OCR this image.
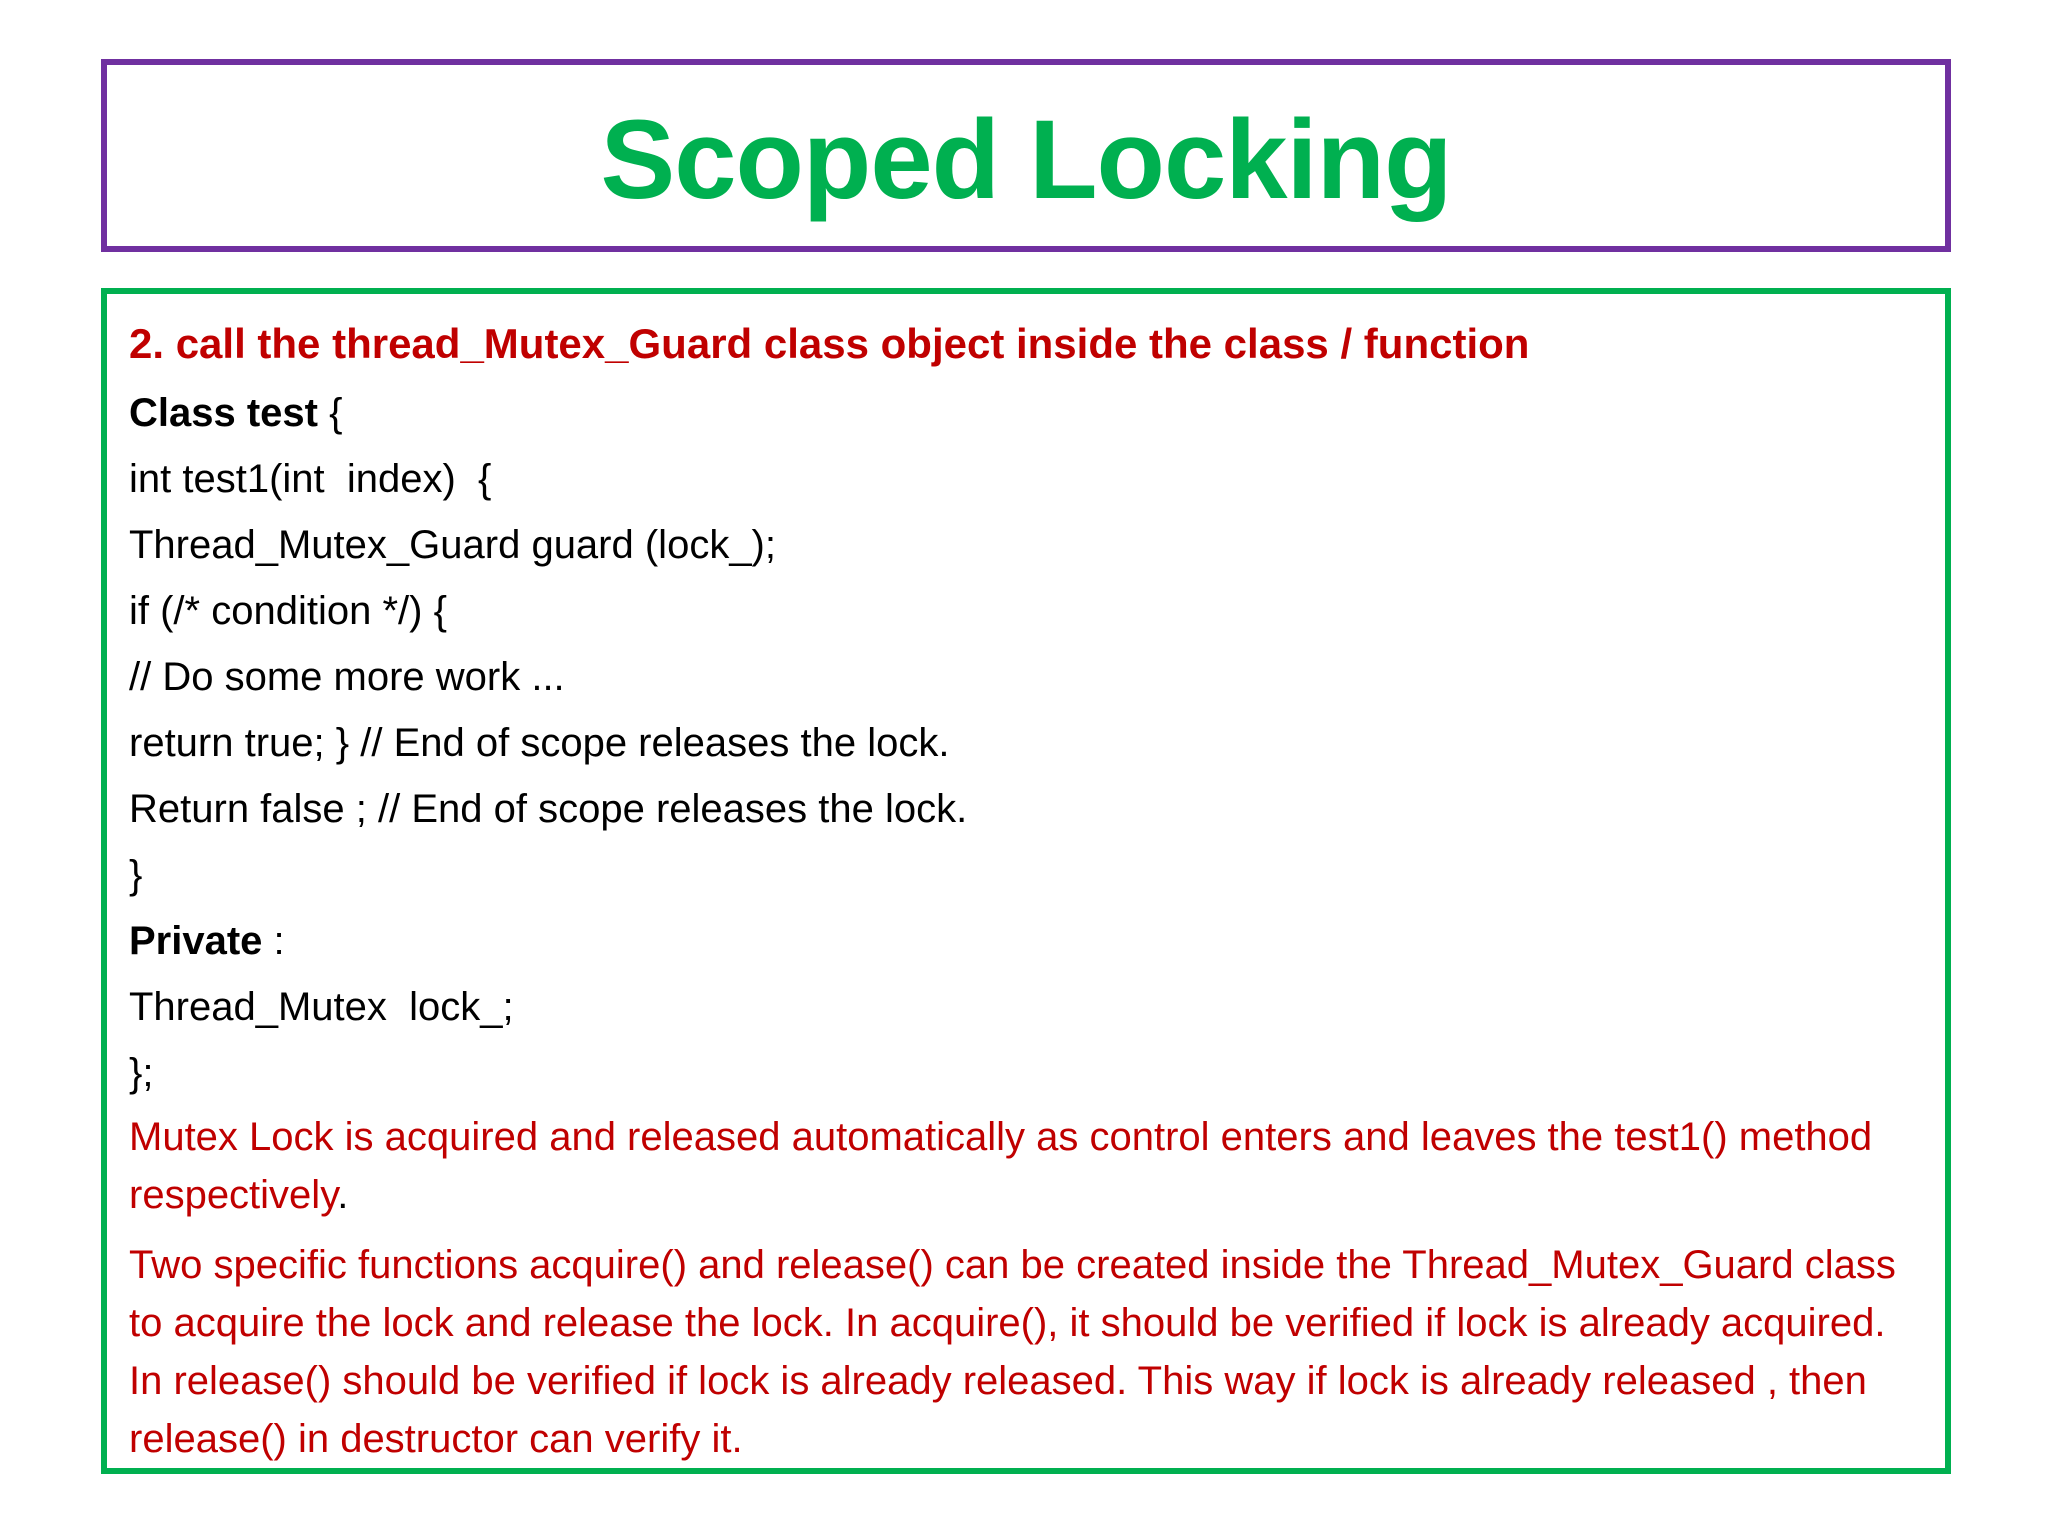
Scoped Locking
2. call the thread_Mutex_Guard class object inside the class / function
Class test {
int test1(int  index)  {
Thread_Mutex_Guard guard (lock_);
if (/* condition */) {
// Do some more work ...
return true; } // End of scope releases the lock.
Return false ; // End of scope releases the lock.
}
Private :
Thread_Mutex  lock_;
};

Mutex Lock is acquired and released automatically as control enters and leaves the test1() method respectively.

Two specific functions acquire() and release() can be created inside the Thread_Mutex_Guard class to acquire the lock and release the lock. In acquire(), it should be verified if lock is already acquired. In release() should be verified if lock is already released. This way if lock is already released , then release() in destructor can verify it.
